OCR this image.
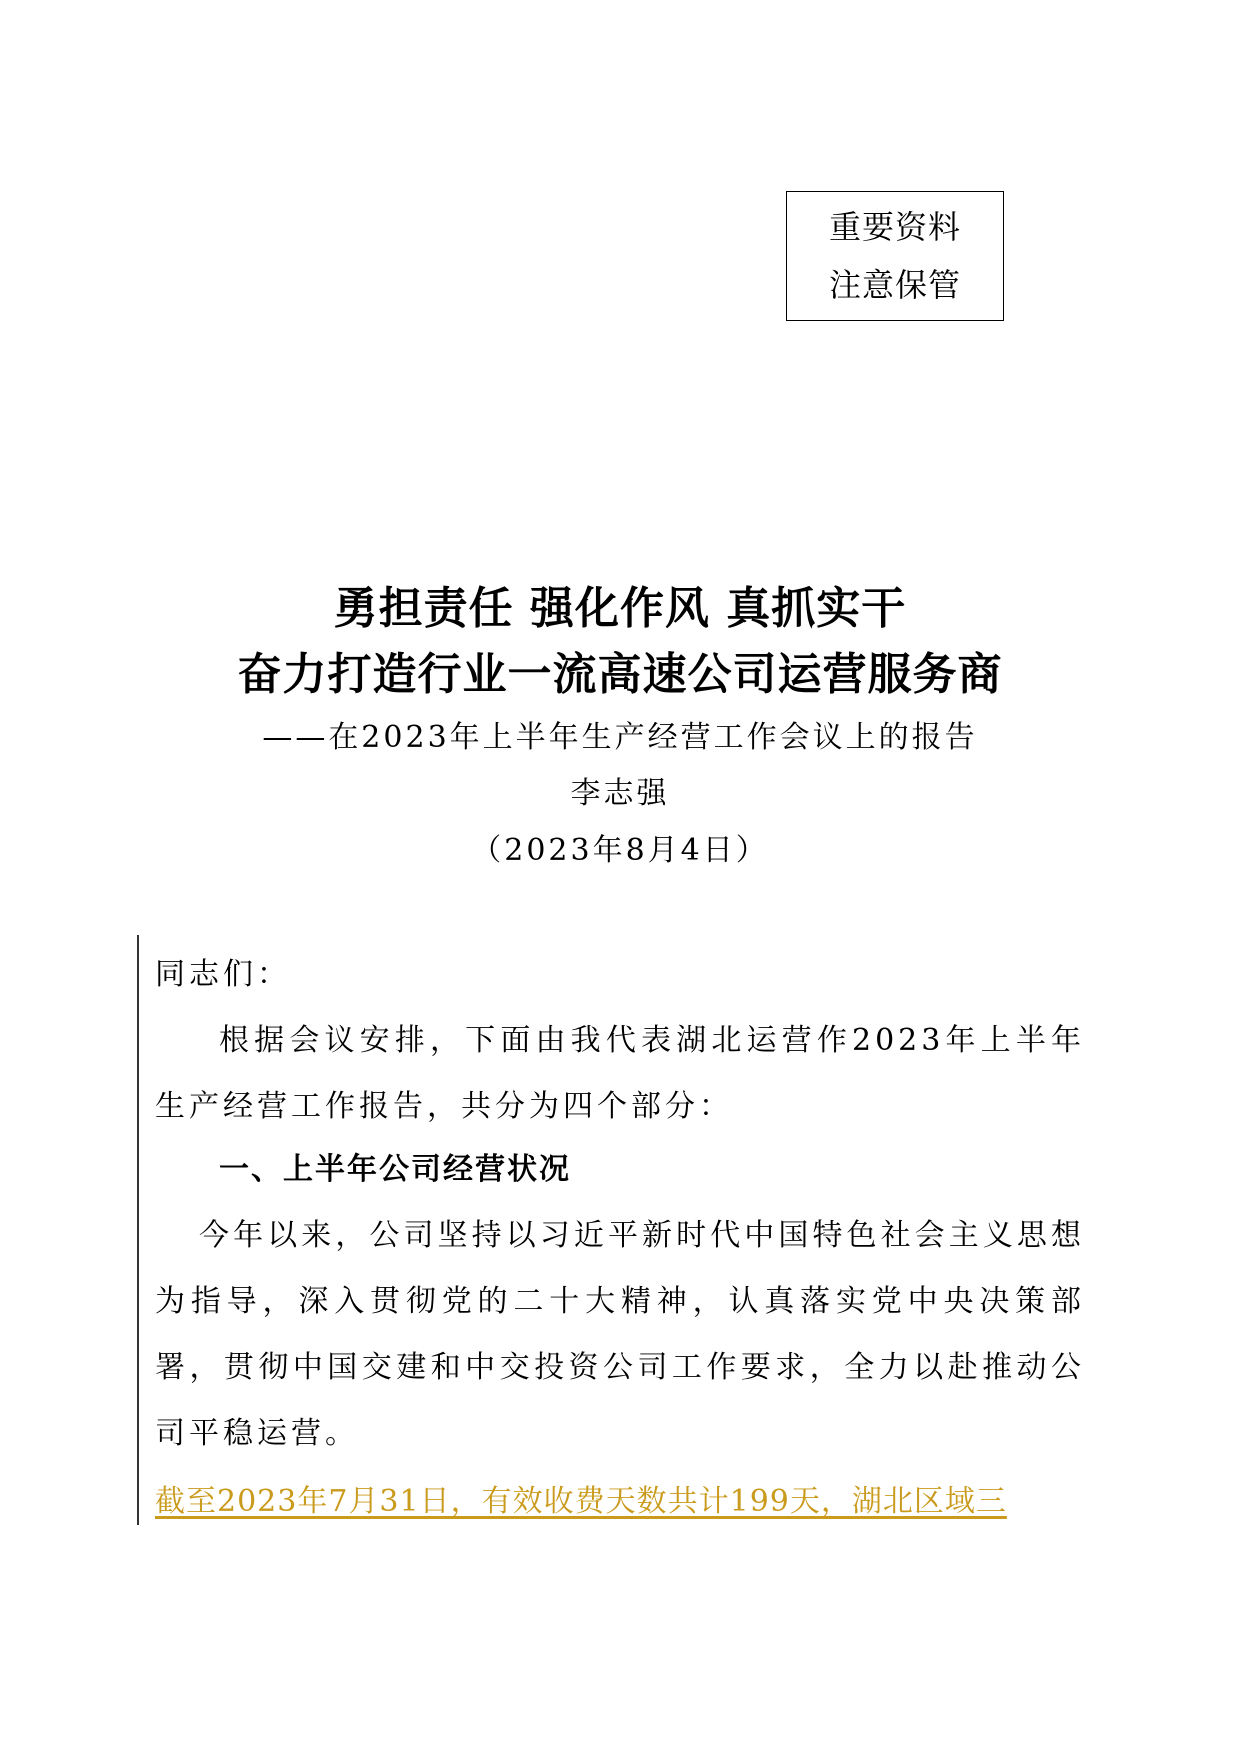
重要资料
注意保管
勇担责任 强化作风 真抓实干
奋力打造行业一流高速公司运营服务商
——在2023年上半年生产经营工作会议上的报告
李志强
（2023年8月4日）

同志们：

根据会议安排，下面由我代表湖北运营作2023年上半年生产经营工作报告，共分为四个部分：

一、上半年公司经营状况

今年以来，公司坚持以习近平新时代中国特色社会主义思想为指导，深入贯彻党的二十大精神，认真落实党中央决策部署，贯彻中国交建和中交投资公司工作要求，全力以赴推动公司平稳运营。

截至2023年7月31日，有效收费天数共计199天，湖北区域三
